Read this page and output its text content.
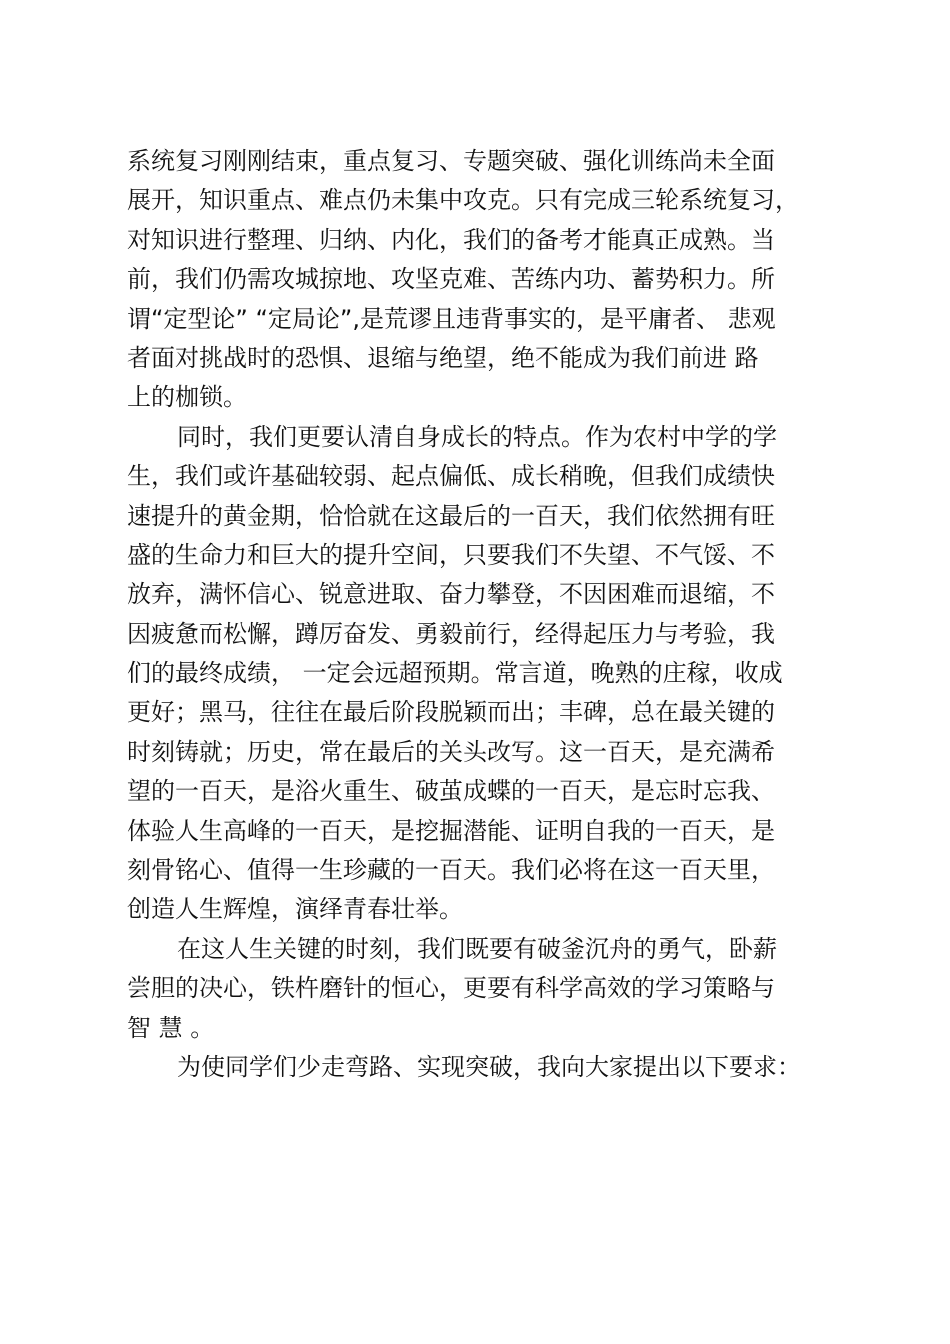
系统复习刚刚结束，重点复习、专题突破、强化训练尚未全面
展开，知识重点、难点仍未集中攻克。只有完成三轮系统复习，
对知识进行整理、归纳、内化，我们的备考才能真正成熟。当
前，我们仍需攻城掠地、攻坚克难、苦练内功、蓄势积力。所
谓“定型论” “定局论”,是荒谬且违背事实的，是平庸者、 悲观
者面对挑战时的恐惧、退缩与绝望，绝不能成为我们前进 路
上的枷锁。
同时，我们更要认清自身成长的特点。作为农村中学的学
生，我们或许基础较弱、起点偏低、成长稍晚，但我们成绩快
速提升的黄金期，恰恰就在这最后的一百天，我们依然拥有旺
盛的生命力和巨大的提升空间，只要我们不失望、不气馁、不
放弃，满怀信心、锐意进取、奋力攀登，不因困难而退缩，不
因疲惫而松懈，蹲厉奋发、勇毅前行，经得起压力与考验，我
们的最终成绩， 一定会远超预期。常言道，晚熟的庄稼，收成
更好；黑马，往往在最后阶段脱颖而出；丰碑，总在最关键的
时刻铸就；历史，常在最后的关头改写。这一百天，是充满希
望的一百天，是浴火重生、破茧成蝶的一百天，是忘时忘我、
体验人生高峰的一百天，是挖掘潜能、证明自我的一百天，是
刻骨铭心、值得一生珍藏的一百天。我们必将在这一百天里，
创造人生辉煌，演绎青春壮举。
在这人生关键的时刻，我们既要有破釜沉舟的勇气，卧薪
尝胆的决心，铁杵磨针的恒心，更要有科学高效的学习策略与
智 慧 。
为使同学们少走弯路、实现突破，我向大家提出以下要求：
